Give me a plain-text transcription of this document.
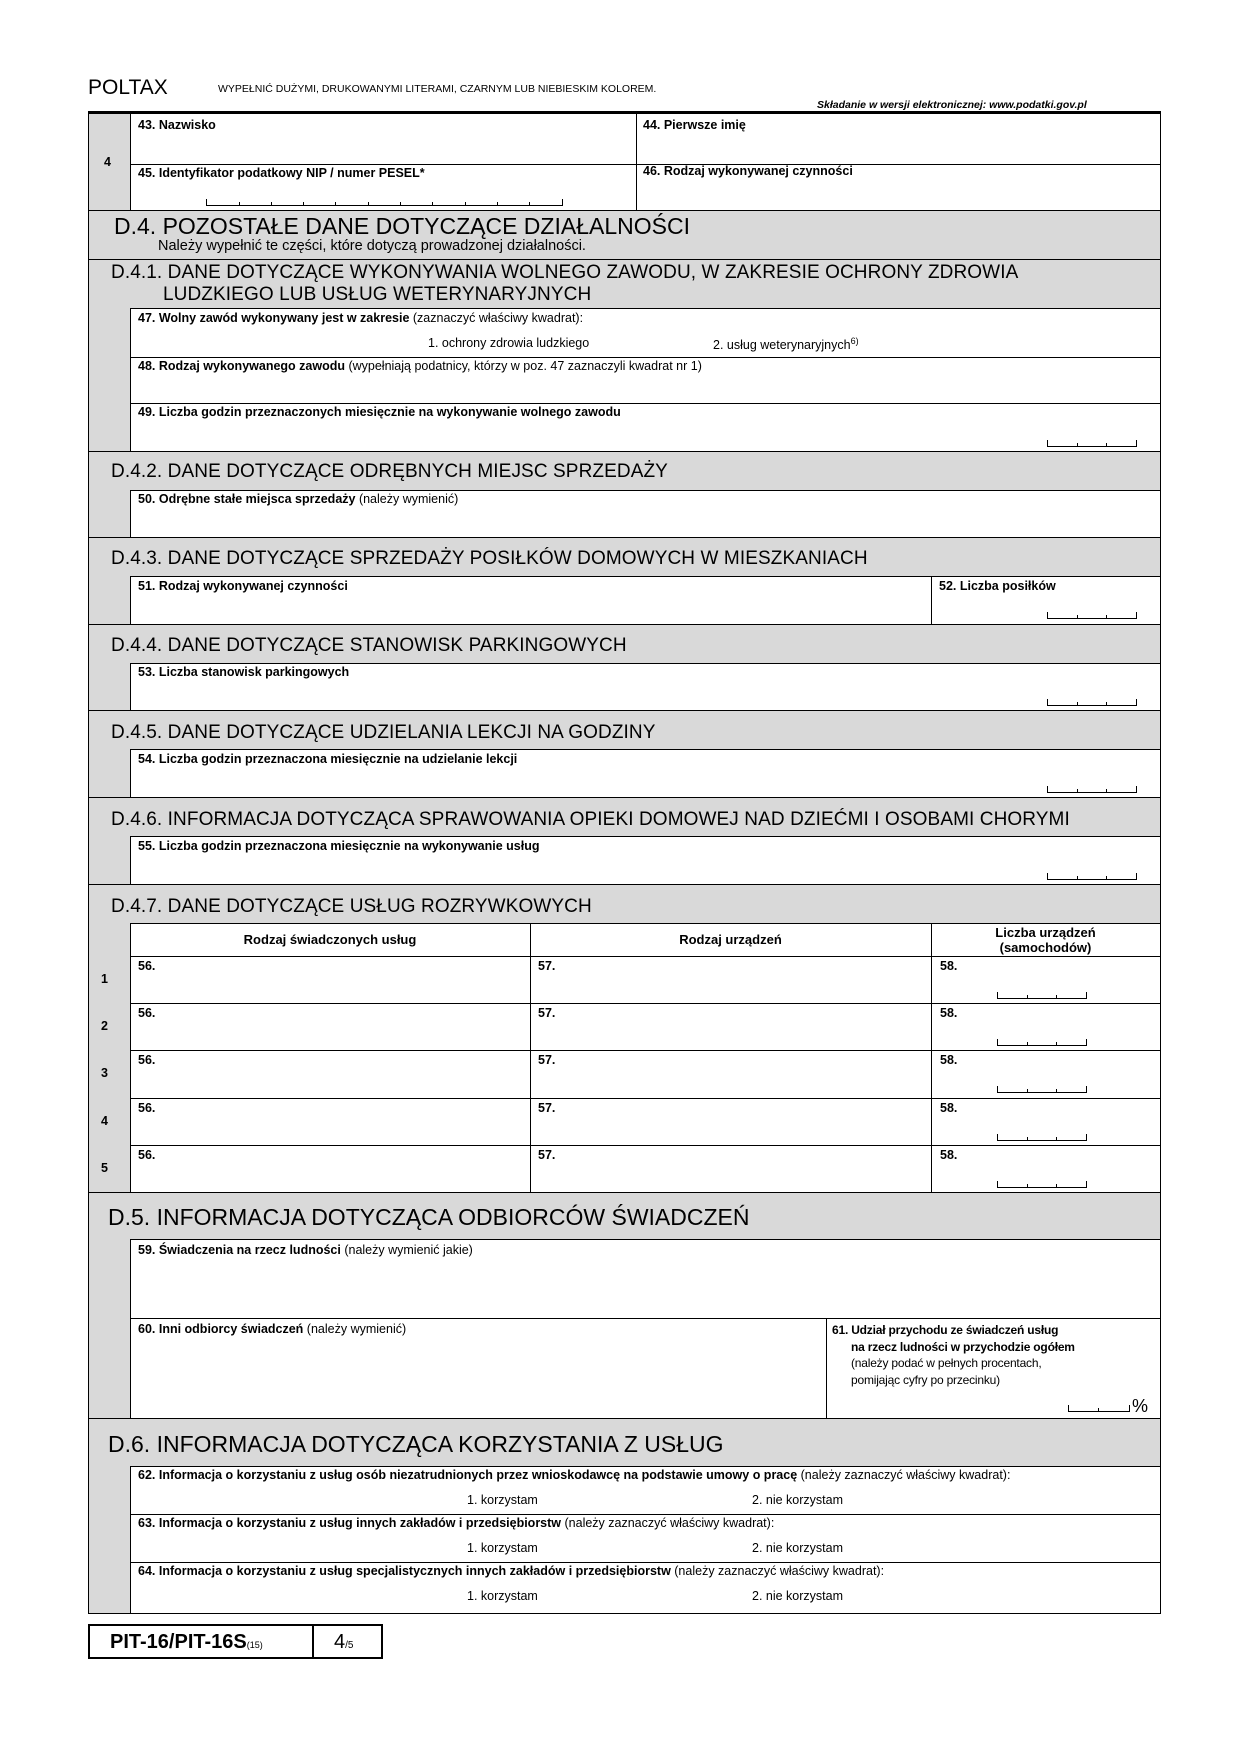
POLTAX	WYPEŁNIĆ DUŻYMI, DRUKOWANYMI LITERAMI, CZARNYM LUB NIEBIESKIM KOLOREM.
Składanie w wersji elektronicznej: www.podatki.gov.pl
4
43. Nazwisko	44. Pierwsze imię
45. Identyfikator podatkowy NIP / numer PESEL*	46. Rodzaj wykonywanej czynności
D.4. POZOSTAŁE DANE DOTYCZĄCE DZIAŁALNOŚCI
Należy wypełnić te części, które dotyczą prowadzonej działalności.
D.4.1. DANE DOTYCZĄCE WYKONYWANIA WOLNEGO ZAWODU, W ZAKRESIE OCHRONY ZDROWIA
LUDZKIEGO LUB USŁUG WETERYNARYJNYCH
47. Wolny zawód wykonywany jest w zakresie (zaznaczyć właściwy kwadrat):
1. ochrony zdrowia ludzkiego	2. usług weterynaryjnych$^{6)}$
48. Rodzaj wykonywanego zawodu (wypełniają podatnicy, którzy w poz. 47 zaznaczyli kwadrat nr 1)
49. Liczba godzin przeznaczonych miesięcznie na wykonywanie wolnego zawodu
D.4.2. DANE DOTYCZĄCE ODRĘBNYCH MIEJSC SPRZEDAŻY
50. Odrębne stałe miejsca sprzedaży (należy wymienić)
D.4.3. DANE DOTYCZĄCE SPRZEDAŻY POSIŁKÓW DOMOWYCH W MIESZKANIACH
51. Rodzaj wykonywanej czynności	52. Liczba posiłków
D.4.4. DANE DOTYCZĄCE STANOWISK PARKINGOWYCH
53. Liczba stanowisk parkingowych
D.4.5. DANE DOTYCZĄCE UDZIELANIA LEKCJI NA GODZINY
54. Liczba godzin przeznaczona miesięcznie na udzielanie lekcji
D.4.6. INFORMACJA DOTYCZĄCA SPRAWOWANIA OPIEKI DOMOWEJ NAD DZIEĆMI I OSOBAMI CHORYMI
55. Liczba godzin przeznaczona miesięcznie na wykonywanie usług
D.4.7. DANE DOTYCZĄCE USŁUG ROZRYWKOWYCH
Rodzaj świadczonych usług	Rodzaj urządzeń	Liczba urządzeń
(samochodów)
1
56.	57.	58.
2
56.	57.	58.
3
56.	57.	58.
4
56.	57.	58.
5
56.	57.	58.
D.5. INFORMACJA DOTYCZĄCA ODBIORCÓW ŚWIADCZEŃ
59. Świadczenia na rzecz ludności (należy wymienić jakie)
60. Inni odbiorcy świadczeń (należy wymienić)	61. Udział przychodu ze świadczeń usług
na rzecz ludności w przychodzie ogółem
(należy podać w pełnych procentach,
pomijając cyfry po przecinku)
%
D.6. INFORMACJA DOTYCZĄCA KORZYSTANIA Z USŁUG
62. Informacja o korzystaniu z usług osób niezatrudnionych przez wnioskodawcę na podstawie umowy o pracę (należy zaznaczyć właściwy kwadrat):
1. korzystam	2. nie korzystam
63. Informacja o korzystaniu z usług innych zakładów i przedsiębiorstw (należy zaznaczyć właściwy kwadrat):
1. korzystam	2. nie korzystam
64. Informacja o korzystaniu z usług specjalistycznych innych zakładów i przedsiębiorstw (należy zaznaczyć właściwy kwadrat):
1. korzystam	2. nie korzystam
PIT-16/PIT-16S(15)	4/5
